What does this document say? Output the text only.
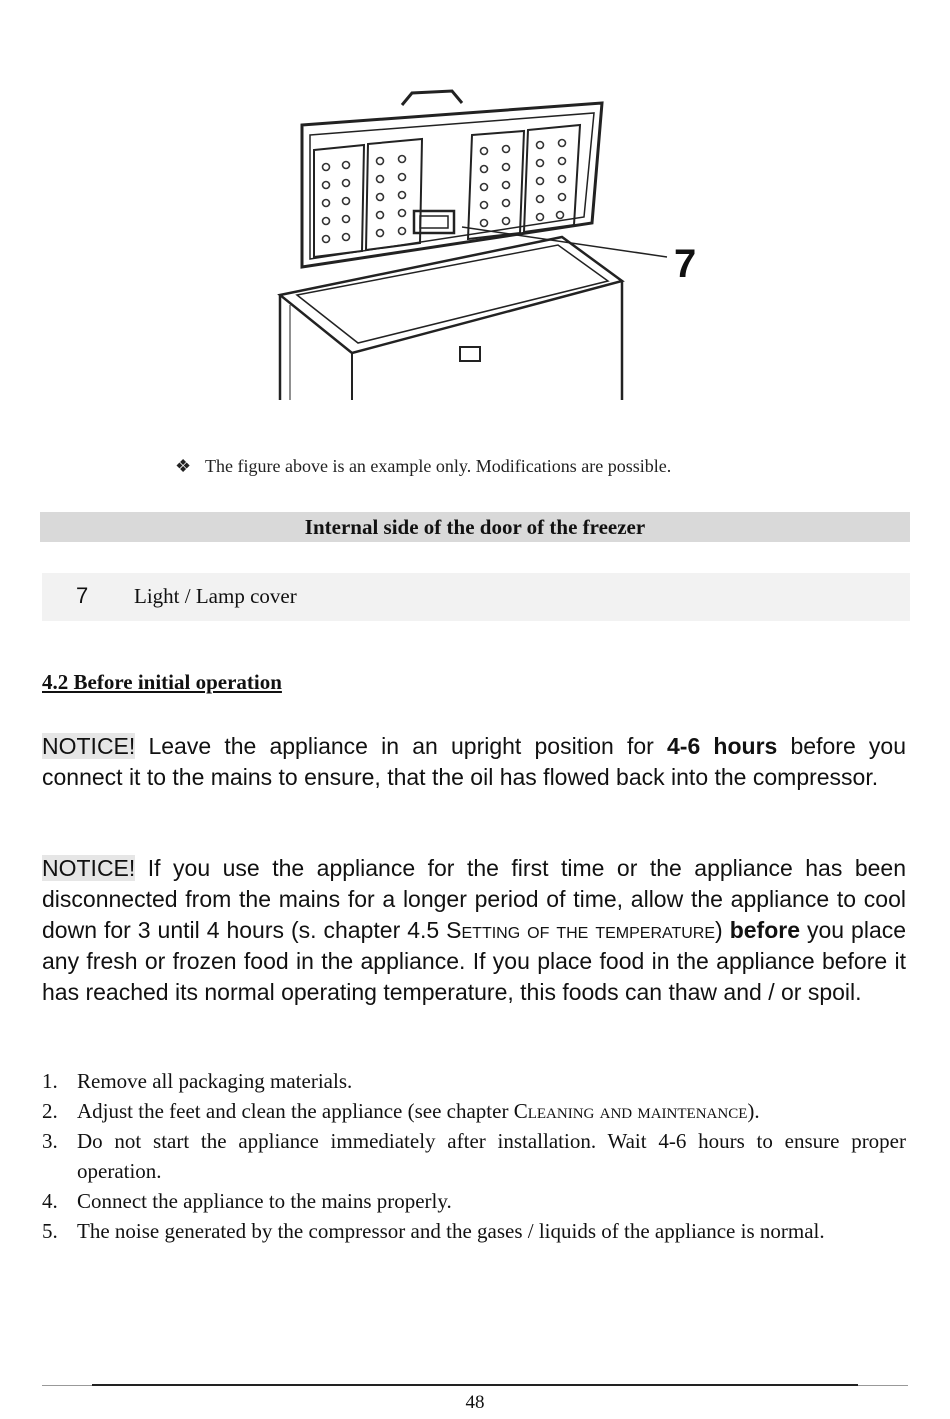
7
❖ The figure above is an example only. Modifications are possible.
Internal side of the door of the freezer
7 Light / Lamp cover
4.2 Before initial operation
NOTICE! Leave the appliance in an upright position for 4-6 hours before you connect it to the mains to ensure, that the oil has flowed back into the compressor.
NOTICE! If you use the appliance for the first time or the appliance has been disconnected from the mains for a longer period of time, allow the appliance to cool down for 3 until 4 hours (s. chapter 4.5 Setting of the temperature) before you place any fresh or frozen food in the appliance. If you place food in the appliance before it has reached its normal operating temperature, this foods can thaw and / or spoil.
1. Remove all packaging materials.
2. Adjust the feet and clean the appliance (see chapter Cleaning and maintenance).
3. Do not start the appliance immediately after installation. Wait 4-6 hours to ensure proper operation.
4. Connect the appliance to the mains properly.
5. The noise generated by the compressor and the gases / liquids of the appliance is normal.
48
